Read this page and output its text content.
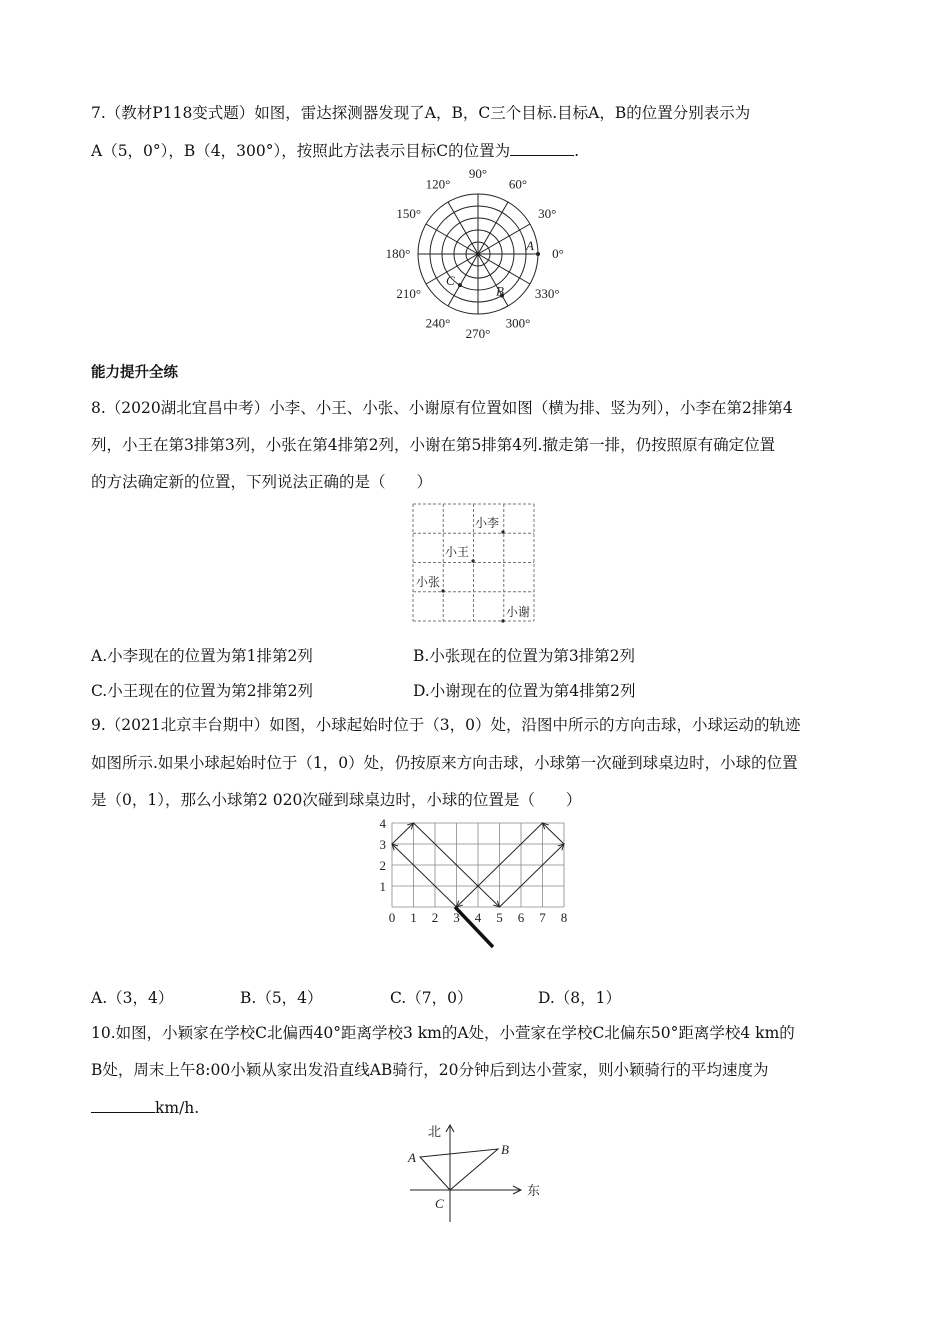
7.（教材P118变式题）如图，雷达探测器发现了A，B，C三个目标.目标A，B的位置分别表示为
A（5，0°），B（4，300°），按照此方法表示目标C的位置为	.
0°
30°
60°
90°
120°
150°
180°
210°
240°
270°
300°
330°
A
B
C
能力提升全练
8.（2020湖北宜昌中考）小李、小王、小张、小谢原有位置如图（横为排、竖为列），小李在第2排第4
列，小王在第3排第3列，小张在第4排第2列，小谢在第5排第4列.撤走第一排，仍按照原有确定位置
的方法确定新的位置，下列说法正确的是（　　）
小李
小王
小张
小谢
A.小李现在的位置为第1排第2列	B.小张现在的位置为第3排第2列
C.小王现在的位置为第2排第2列	D.小谢现在的位置为第4排第2列
9.（2021北京丰台期中）如图，小球起始时位于（3，0）处，沿图中所示的方向击球，小球运动的轨迹
如图所示.如果小球起始时位于（1，0）处，仍按原来方向击球，小球第一次碰到球桌边时，小球的位置
是（0，1），那么小球第2 020次碰到球桌边时，小球的位置是（　　）
0 1 2 3 4 5 6 7 8
1
2
3
4
A.（3，4）	B.（5，4）	C.（7，0）	D.（8，1）
10.如图，小颖家在学校C北偏西40°距离学校3 km的A处，小萱家在学校C北偏东50°距离学校4 km的
B处，周末上午8:00小颖从家出发沿直线AB骑行，20分钟后到达小萱家，则小颖骑行的平均速度为
km/h.
北
东
A
B
C
